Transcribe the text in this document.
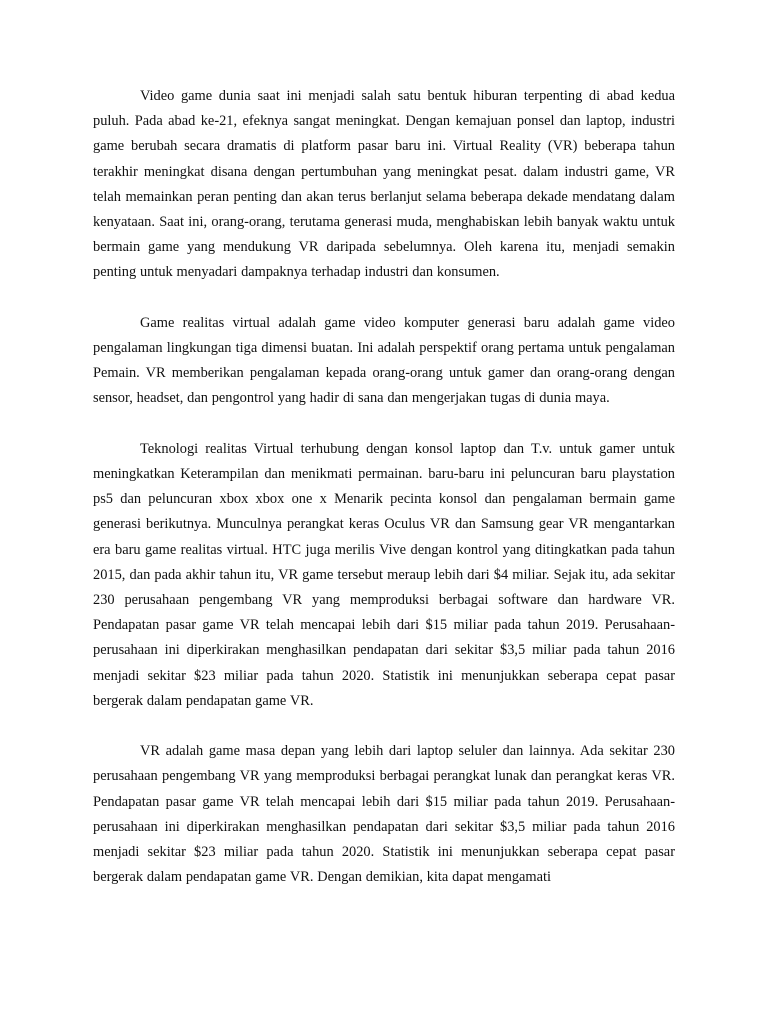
Video game dunia saat ini menjadi salah satu bentuk hiburan terpenting di abad kedua puluh. Pada abad ke-21, efeknya sangat meningkat. Dengan kemajuan ponsel dan laptop, industri game berubah secara dramatis di platform pasar baru ini. Virtual Reality (VR) beberapa tahun terakhir meningkat disana dengan pertumbuhan yang meningkat pesat. dalam industri game, VR telah memainkan peran penting dan akan terus berlanjut selama beberapa dekade mendatang dalam kenyataan. Saat ini, orang-orang, terutama generasi muda, menghabiskan lebih banyak waktu untuk bermain game yang mendukung VR daripada sebelumnya. Oleh karena itu, menjadi semakin penting untuk menyadari dampaknya terhadap industri dan konsumen.

Game realitas virtual adalah game video komputer generasi baru adalah game video pengalaman lingkungan tiga dimensi buatan. Ini adalah perspektif orang pertama untuk pengalaman Pemain. VR memberikan pengalaman kepada orang-orang untuk gamer dan orang-orang dengan sensor, headset, dan pengontrol yang hadir di sana dan mengerjakan tugas di dunia maya.

Teknologi realitas Virtual terhubung dengan konsol laptop dan T.v. untuk gamer untuk meningkatkan Keterampilan dan menikmati permainan. baru-baru ini peluncuran baru playstation ps5 dan peluncuran xbox xbox one x Menarik pecinta konsol dan pengalaman bermain game generasi berikutnya. Munculnya perangkat keras Oculus VR dan Samsung gear VR mengantarkan era baru game realitas virtual. HTC juga merilis Vive dengan kontrol yang ditingkatkan pada tahun 2015, dan pada akhir tahun itu, VR game tersebut meraup lebih dari $4 miliar. Sejak itu, ada sekitar 230 perusahaan pengembang VR yang memproduksi berbagai software dan hardware VR. Pendapatan pasar game VR telah mencapai lebih dari $15 miliar pada tahun 2019. Perusahaan-perusahaan ini diperkirakan menghasilkan pendapatan dari sekitar $3,5 miliar pada tahun 2016 menjadi sekitar $23 miliar pada tahun 2020. Statistik ini menunjukkan seberapa cepat pasar bergerak dalam pendapatan game VR.

VR adalah game masa depan yang lebih dari laptop seluler dan lainnya. Ada sekitar 230 perusahaan pengembang VR yang memproduksi berbagai perangkat lunak dan perangkat keras VR. Pendapatan pasar game VR telah mencapai lebih dari $15 miliar pada tahun 2019. Perusahaan-perusahaan ini diperkirakan menghasilkan pendapatan dari sekitar $3,5 miliar pada tahun 2016 menjadi sekitar $23 miliar pada tahun 2020. Statistik ini menunjukkan seberapa cepat pasar bergerak dalam pendapatan game VR. Dengan demikian, kita dapat mengamati
